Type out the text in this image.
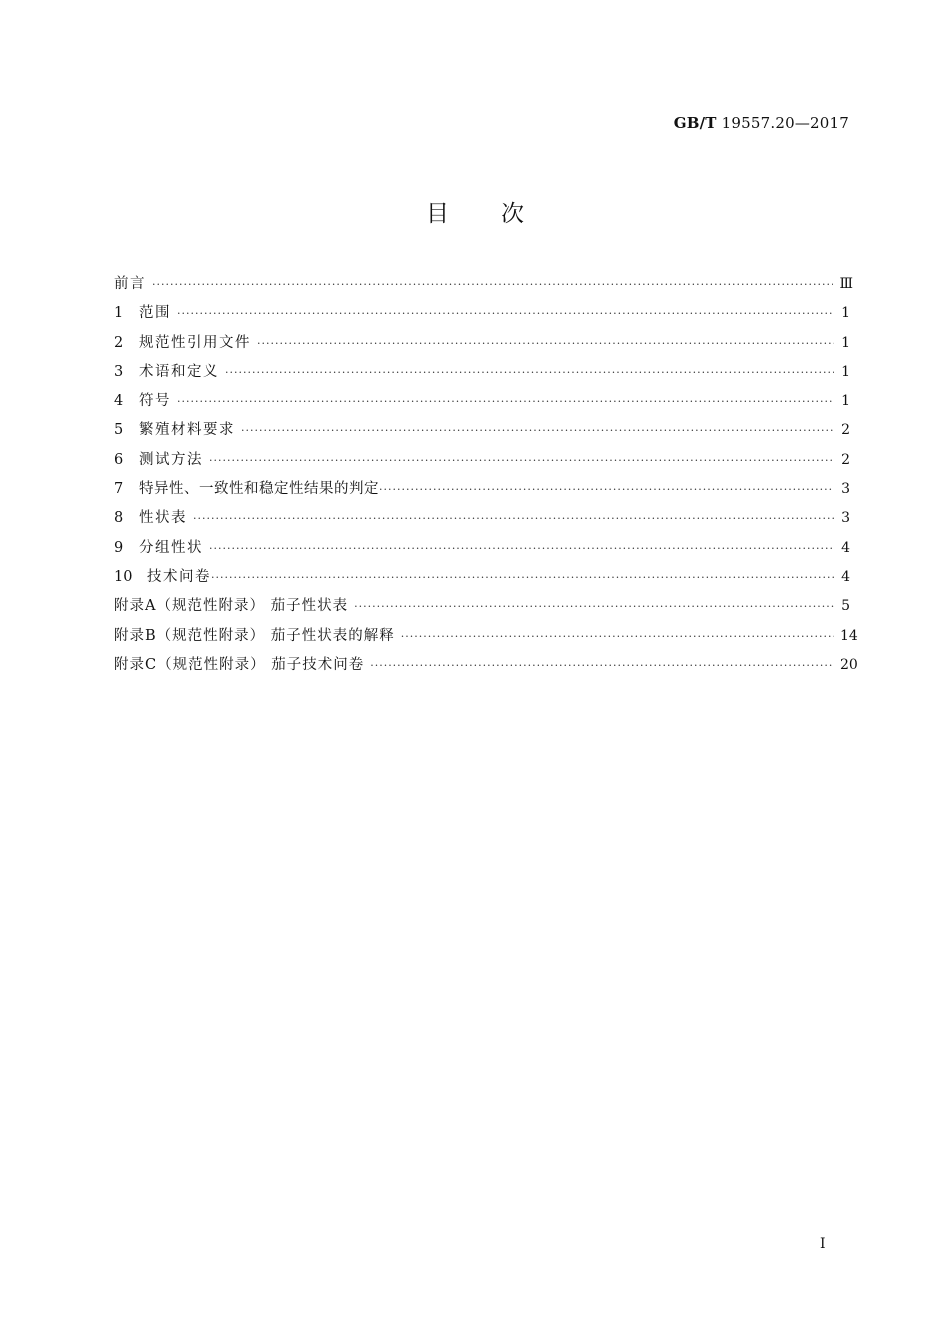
GB/T 19557.20—2017
目次
前言 ·····	Ⅲ
1	范围 ·····	1
2	规范性引用文件 ·····	1
3	术语和定义 ·····	1
4	符号 ·····	1
5	繁殖材料要求 ·····	2
6	测试方法 ·····	2
7	特异性、一致性和稳定性结果的判定 ·····	3
8	性状表 ·····	3
9	分组性状 ·····	4
10	技术问卷 ·····	4
附录A（规范性附录） 茄子性状表 ·····	5
附录B（规范性附录） 茄子性状表的解释 ·····	14
附录C（规范性附录） 茄子技术问卷 ·····	20
I
